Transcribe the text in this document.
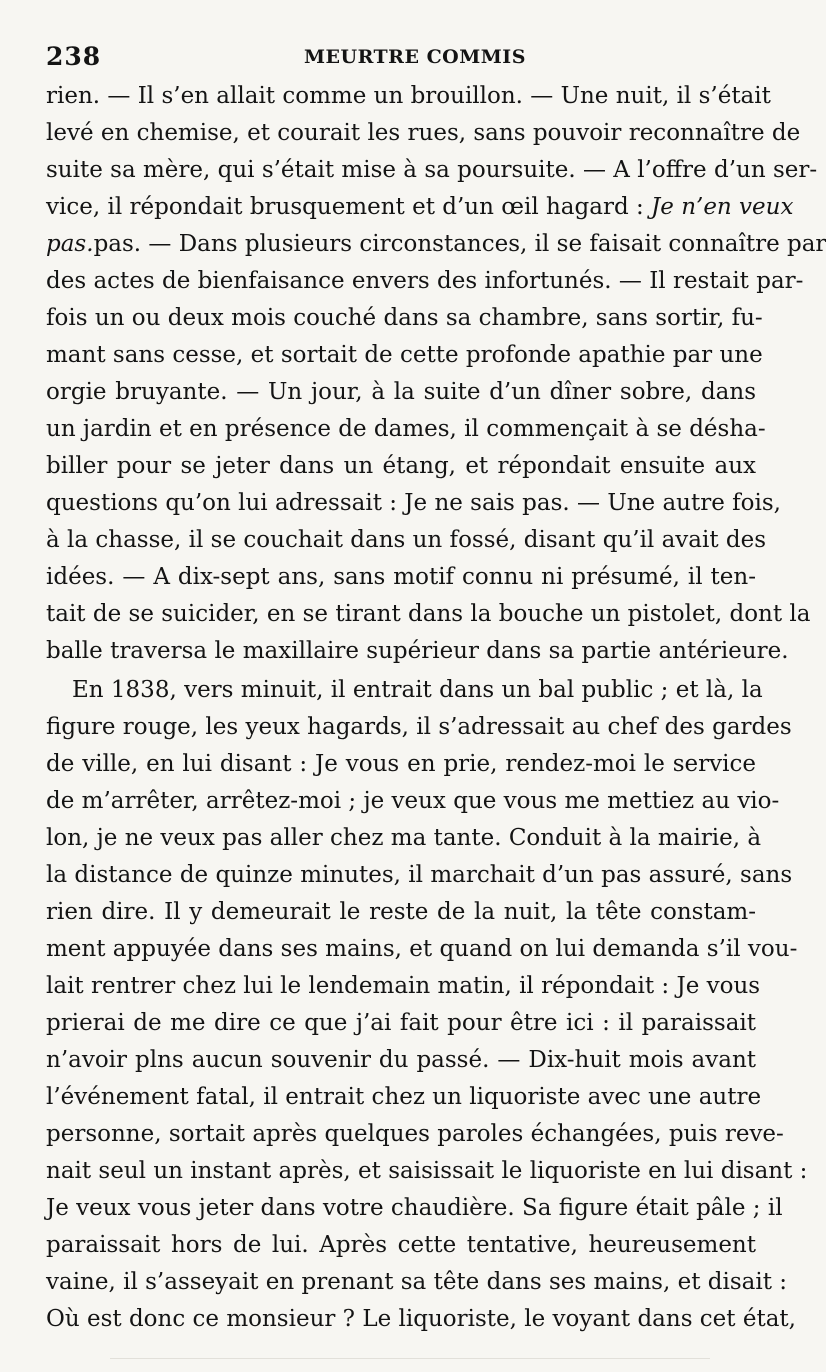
238	MEURTRE COMMIS
rien. — Il s’en allait comme un brouillon. — Une nuit, il s’était
levé en chemise, et courait les rues, sans pouvoir reconnaître de
suite sa mère, qui s’était mise à sa poursuite. — A l’offre d’un ser-
vice, il répondait brusquement et d’un œil hagard : Je n’en veux
pas.pas. — Dans plusieurs circonstances, il se faisait connaître par
des actes de bienfaisance envers des infortunés. — Il restait par-
fois un ou deux mois couché dans sa chambre, sans sortir, fu-
mant sans cesse, et sortait de cette profonde apathie par une
orgie bruyante. — Un jour, à la suite d’un dîner sobre, dans
un jardin et en présence de dames, il commençait à se désha-
biller pour se jeter dans un étang, et répondait ensuite aux
questions qu’on lui adressait : Je ne sais pas. — Une autre fois,
à la chasse, il se couchait dans un fossé, disant qu’il avait des
idées. — A dix-sept ans, sans motif connu ni présumé, il ten-
tait de se suicider, en se tirant dans la bouche un pistolet, dont la
balle traversa le maxillaire supérieur dans sa partie antérieure.
En 1838, vers minuit, il entrait dans un bal public ; et là, la
figure rouge, les yeux hagards, il s’adressait au chef des gardes
de ville, en lui disant : Je vous en prie, rendez-moi le service
de m’arrêter, arrêtez-moi ; je veux que vous me mettiez au vio-
lon, je ne veux pas aller chez ma tante. Conduit à la mairie, à
la distance de quinze minutes, il marchait d’un pas assuré, sans
rien dire. Il y demeurait le reste de la nuit, la tête constam-
ment appuyée dans ses mains, et quand on lui demanda s’il vou-
lait rentrer chez lui le lendemain matin, il répondait : Je vous
prierai de me dire ce que j’ai fait pour être ici : il paraissait
n’avoir plns aucun souvenir du passé. — Dix-huit mois avant
l’événement fatal, il entrait chez un liquoriste avec une autre
personne, sortait après quelques paroles échangées, puis reve-
nait seul un instant après, et saisissait le liquoriste en lui disant :
Je veux vous jeter dans votre chaudière. Sa figure était pâle ; il
paraissait hors de lui. Après cette tentative, heureusement
vaine, il s’asseyait en prenant sa tête dans ses mains, et disait :
Où est donc ce monsieur ? Le liquoriste, le voyant dans cet état,
